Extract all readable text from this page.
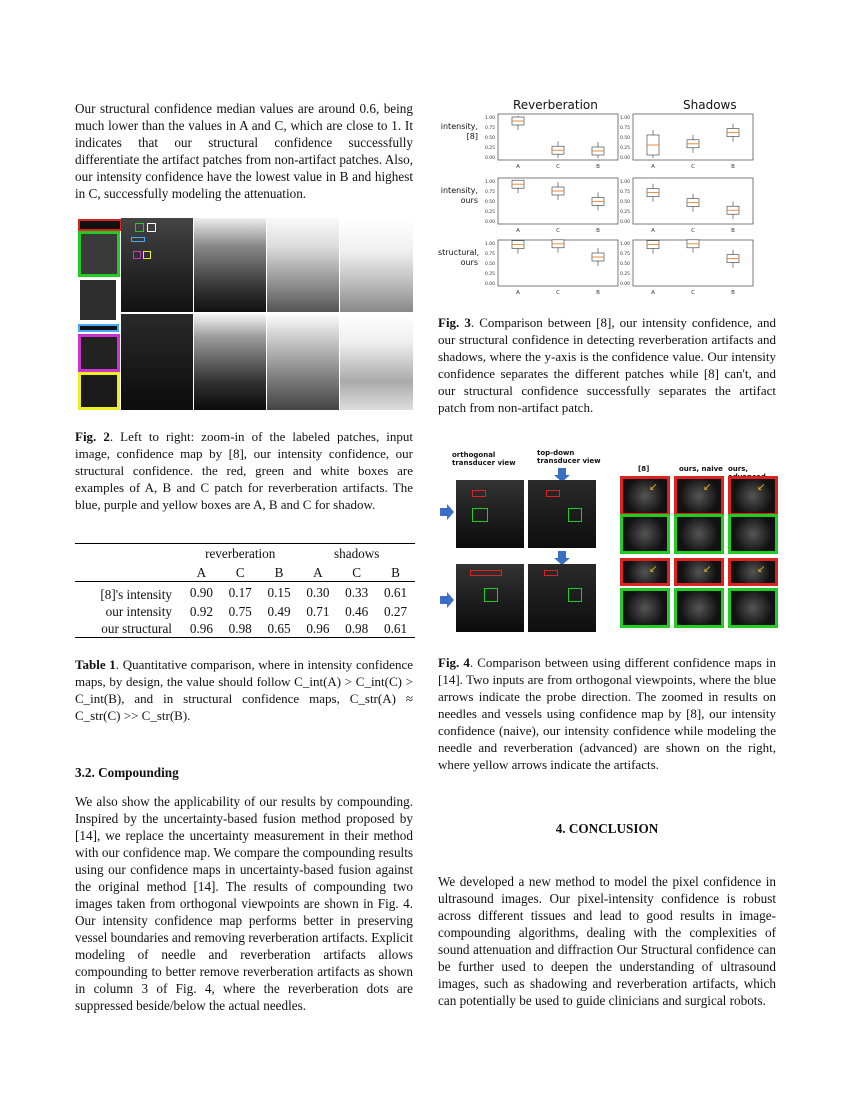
Our structural confidence median values are around 0.6, being much lower than the values in A and C, which are close to 1. It indicates that our structural confidence successfully differentiate the artifact patches from non-artifact patches. Also, our intensity confidence have the lowest value in B and highest in C, successfully modeling the attenuation.

Fig. 2. Left to right: zoom-in of the labeled patches, input image, confidence map by [8], our intensity confidence, our structural confidence. the red, green and white boxes are examples of A, B and C patch for reverberation artifacts. The blue, purple and yellow boxes are A, B and C for shadow.
	reverberation			shadows		
	A	C	B	A	C	B
[8]'s intensity	0.90	0.17	0.15	0.30	0.33	0.61
our intensity	0.92	0.75	0.49	0.71	0.46	0.27
our structural	0.96	0.98	0.65	0.96	0.98	0.61
Table 1. Quantitative comparison, where in intensity confidence maps, by design, the value should follow C_int(A) > C_int(C) > C_int(B), and in structural confidence maps, C_str(A) ≈ C_str(C) >> C_str(B).
3.2. Compounding

We also show the applicability of our results by compounding. Inspired by the uncertainty-based fusion method proposed by [14], we replace the uncertainty measurement in their method with our confidence map. We compare the compounding results using our confidence maps in uncertainty-based fusion against the original method [14]. The results of compounding two images taken from orthogonal viewpoints are shown in Fig. 4. Our intensity confidence map performs better in preserving vessel boundaries and removing reverberation artifacts. Explicit modeling of needle and reverberation artifacts allows compounding to better remove reverberation artifacts as shown in column 3 of Fig. 4, where the reverberation dots are suppressed beside/below the actual needles.

Reverberation	Shadows
intensity,
[8]
intensity,
ours
structural,
ours
1.00
0.75
0.50
0.25
0.00
A	C	B
1.00
0.75
0.50
0.25
0.00
A	C	B
1.00
0.75
0.50
0.25
0.00
A	C	B
1.00
0.75
0.50
0.25
0.00
A	C	B
1.00
0.75
0.50
0.25
0.00
A	C	B
1.00
0.75
0.50
0.25
0.00
A	C	B
Fig. 3. Comparison between [8], our intensity confidence, and our structural confidence in detecting reverberation artifacts and shadows, where the y-axis is the confidence value. Our intensity confidence separates the different patches while [8] can't, and our structural confidence successfully separates the artifact patch from non-artifact patch.
orthogonal
transducer view
top-down
transducer view
[8]	ours, naive ours,
↙	↙	↙
↙	↙	↙
Fig. 4. Comparison between using different confidence maps in [14]. Two inputs are from orthogonal viewpoints, where the blue arrows indicate the probe direction. The zoomed in results on needles and vessels using confidence map by [8], our intensity confidence (naive), our intensity confidence while modeling the needle and reverberation (advanced) are shown on the right, where yellow arrows indicate the artifacts.
4. CONCLUSION

We developed a new method to model the pixel confidence in ultrasound images. Our pixel-intensity confidence is robust across different tissues and lead to good results in image-compounding algorithms, dealing with the complexities of sound attenuation and diffraction Our Structural confidence can be further used to deepen the understanding of ultrasound images, such as shadowing and reverberation artifacts, which can potentially be used to guide clinicians and surgical robots.
